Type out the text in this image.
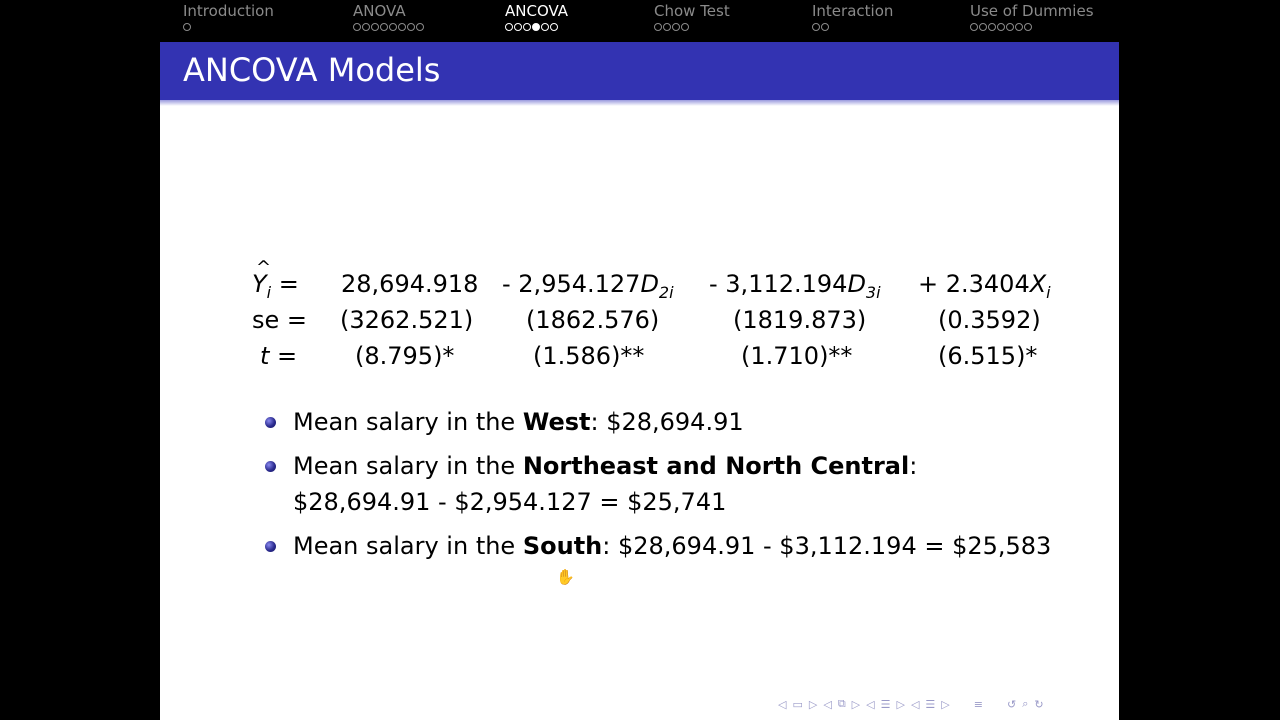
Introduction	ANOVA	ANCOVA	Chow Test	Interaction	Use of Dummies
ANCOVA Models
^ $Y_i = 28,694.918 - 2,954.127D_{2i} - 3,112.194D_{3i} + 2.3404X_i$
se = (3262.521) (1862.576)	(1819.873)	(0.3592)
t = (8.795)*	(1.586)**	(1.710)**	(6.515)*
Mean salary in the West: $28,694.91
Mean salary in the Northeast and North Central:
$28,694.91 - $2,954.127 = $25,741
Mean salary in the South: $28,694.91 - $3,112.194 = $25,583
✋
◁ ▭ ▷ ◁ ⧉ ▷ ◁ ☰ ▷ ◁ ☰ ▷ ≡ ↺ ⌕ ↻
